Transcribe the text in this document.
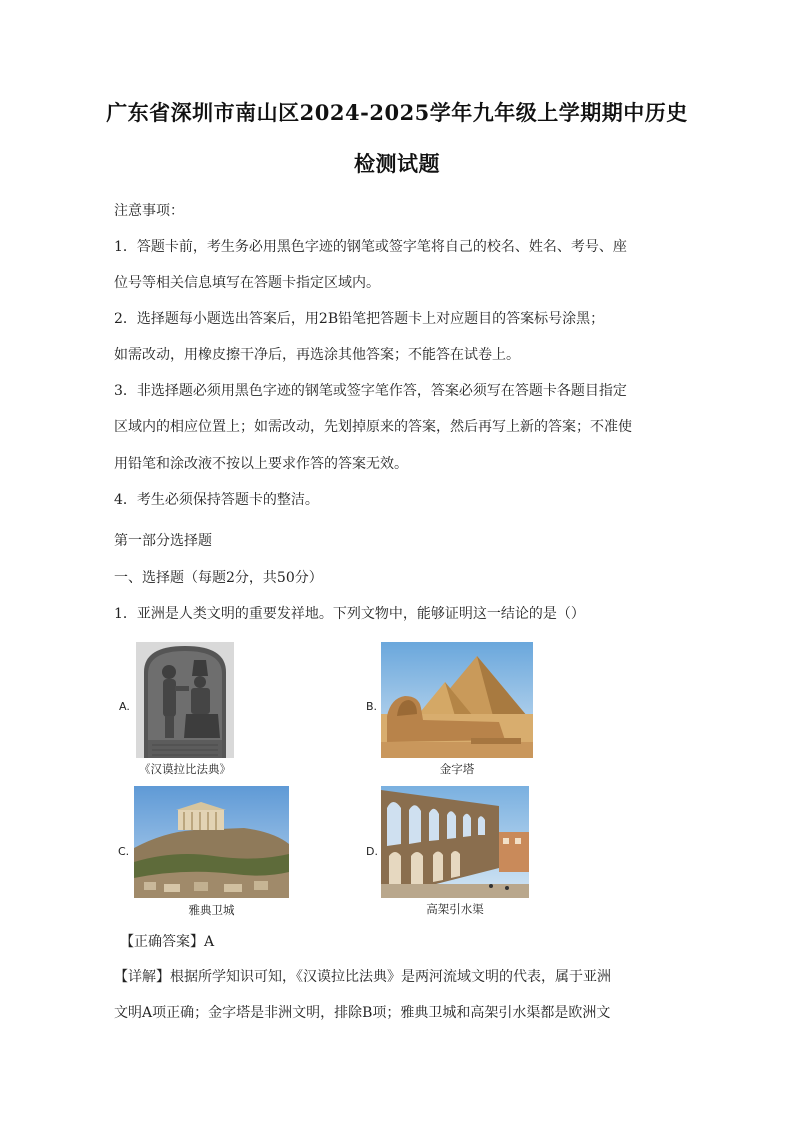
广东省深圳市南山区2024-2025学年九年级上学期期中历史
检测试题
注意事项：
1．答题卡前，考生务必用黑色字迹的钢笔或签字笔将自己的校名、姓名、考号、座
位号等相关信息填写在答题卡指定区域内。
2．选择题每小题选出答案后，用2B铅笔把答题卡上对应题目的答案标号涂黑；
如需改动，用橡皮擦干净后，再选涂其他答案；不能答在试卷上。
3．非选择题必须用黑色字迹的钢笔或签字笔作答，答案必须写在答题卡各题目指定
区域内的相应位置上；如需改动，先划掉原来的答案，然后再写上新的答案；不准使
用铅笔和涂改液不按以上要求作答的答案无效。
4．考生必须保持答题卡的整洁。
第一部分选择题
一、选择题（每题2分，共50分）
1．亚洲是人类文明的重要发祥地。下列文物中，能够证明这一结论的是（）
A.
《汉谟拉比法典》
B.
金字塔
C.
雅典卫城
D.
高架引水渠
【正确答案】A
【详解】根据所学知识可知，《汉谟拉比法典》是两河流域文明的代表，属于亚洲
文明A项正确；金字塔是非洲文明，排除B项；雅典卫城和高架引水渠都是欧洲文
